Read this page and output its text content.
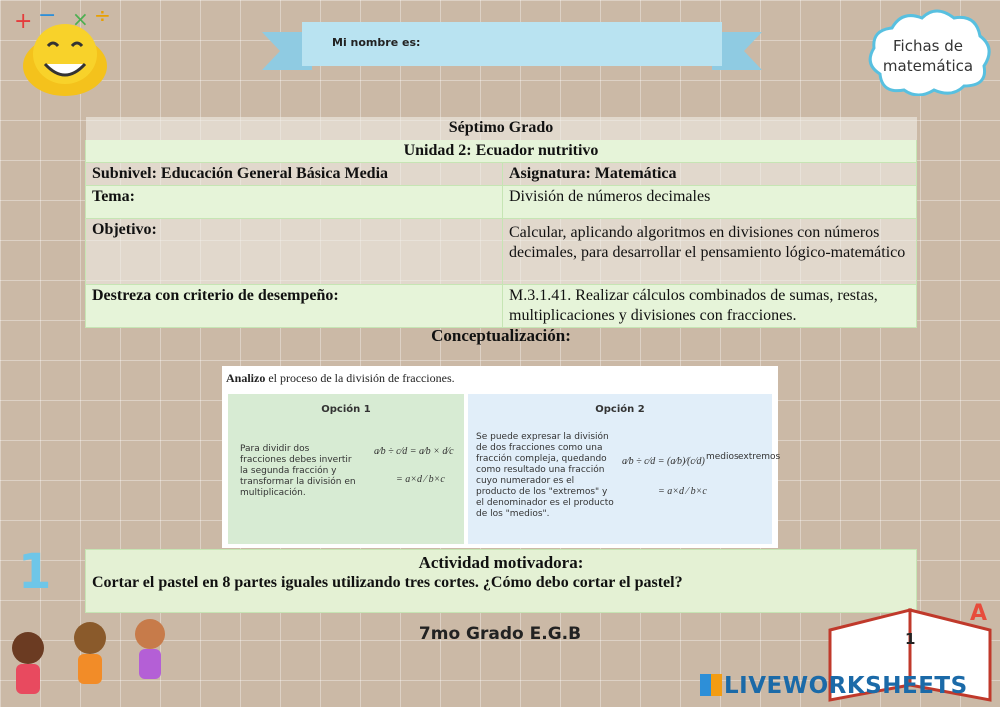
+ − × ÷
Mi nombre es:	Fichas de
matemática
Séptimo Grado	
Unidad 2: Ecuador nutritivo	
Subnivel: Educación General Básica Media	Asignatura: Matemática
Tema:	División de números decimales
Objetivo:	Calcular, aplicando algoritmos en divisiones con números decimales, para desarrollar el pensamiento lógico-matemático
Destreza con criterio de desempeño:	M.3.1.41. Realizar cálculos combinados de sumas, restas, multiplicaciones y divisiones con fracciones.
Conceptualización:
Analizo el proceso de la división de fracciones.
Opción 1
Para dividir dos fracciones debes invertir la segunda fracción y transformar la división en multiplicación.
a⁄b ÷ c⁄d = a⁄b × d⁄c
= a×d ⁄ b×c
Opción 2
Se puede expresar la división de dos fracciones como una fracción compleja, quedando como resultado una fracción cuyo numerador es el producto de los "extremos" y el denominador es el producto de los "medios".
a⁄b ÷ c⁄d = (a⁄b)⁄(c⁄d) medios extremos
= a×d ⁄ b×c
Actividad motivadora:
Cortar el pastel en 8 partes iguales utilizando tres cortes. ¿Cómo debo cortar el pastel?
1
7mo Grado E.G.B
A
1
LIVEWORKSHEETS
